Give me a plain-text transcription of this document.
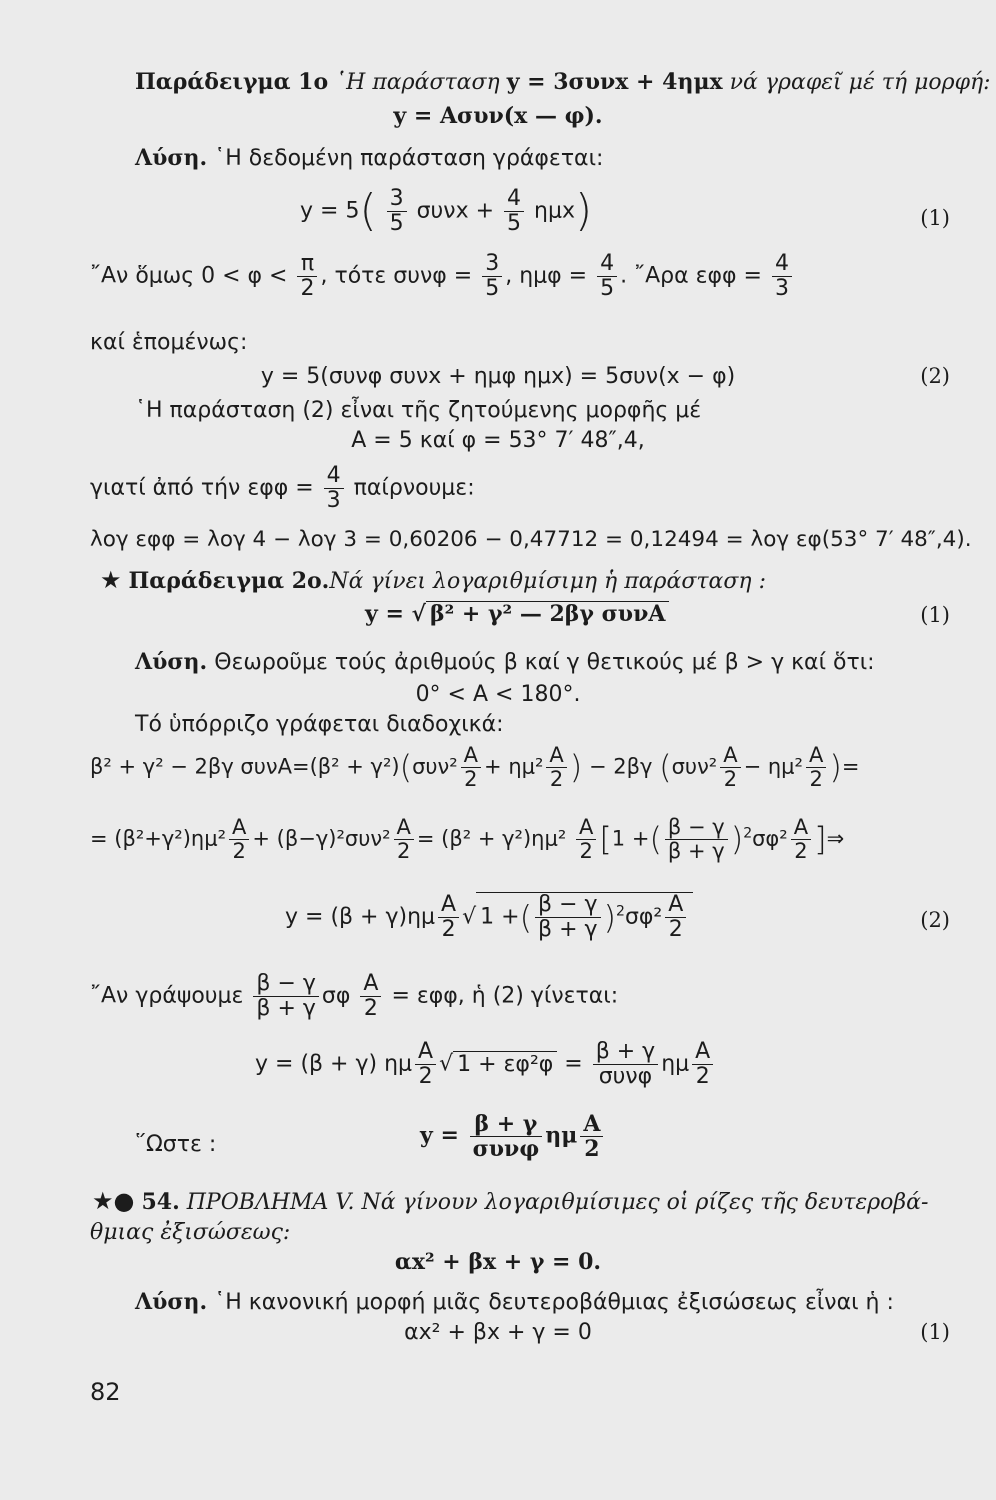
Παράδειγμα 1ο ῾Η παράσταση y = 3συνx + 4ημx νά γραφεῖ μέ τή μορφή:
y = Aσυν(x — φ).
Λύση. ῾Η δεδομένη παράσταση γράφεται:
$y = 5( \frac{3}{5}$ $\sigma\upsilon\nu x + \frac{4}{5} \eta\mu x$)	(1)
῎Αν ὅμως $0 < \varphi < \frac{\pi}{2}$ , τότε $\sigma\upsilon\nu\varphi = \frac{3}{5}$ , $\eta\mu\varphi = \frac{4}{5}$ . ῎Αρα $\varepsilon\varphi\varphi = \frac{4}{3}$
καί ἑπομένως:
y = 5(συνφ συνx + ημφ ημx) = 5συν(x − φ)	(2)
῾Η παράσταση (2) εἶναι τῆς ζητούμενης μορφῆς μέ
A = 5 καί φ = 53° 7′ 48″,4,
γιατί ἀπό τήν $\varepsilon\varphi\varphi = \frac{4}{3} \pi\alpha ί\rho\nu o\upsilon\mu\varepsilon$:
λογ εφφ = λογ 4 − λογ 3 = 0,60206 − 0,47712 = 0,12494 = λογ εφ(53° 7′ 48″,4).
★ Παράδειγμα 2ο.Νά γίνει λογαριθμίσιμη ἡ παράσταση :
y = √ β² + γ² — 2βγ συνA	(1)
Λύση. Θεωροῦμε τούς ἀριθμούς β καί γ θετικούς μέ β > γ καί ὅτι:
0° < A < 180°.
Τό ὑπόρριζο γράφεται διαδοχικά:
β² + γ² − 2βγ $\sigma\upsilon\nu A=(\beta^2 + \gamma^2)(\sigma\upsilon\nu^2 \frac{A}{2} + \eta\mu^2 \frac{A}{2}$ ) − 2βγ ($\sigma\upsilon\nu^2 \frac{A}{2} - \eta\mu^2 \frac{A}{2}$ )=
= $(\beta^2+\gamma^2)\eta\mu^2 \frac{A}{2} + (\beta-\gamma)^2\sigma\upsilon\nu^2 \frac{A}{2} = (\beta^2 + \gamma^2)\eta\mu^2 \frac{A}{2} [1$ +( $\frac{\beta - \gamma}{\beta + \gamma} )^2\sigma\varphi^2 \frac{A}{2}$ ]⇒
$y = (\beta + \gamma)\eta\mu \frac{A}{2}$ √ 1 +( $\frac{\beta - \gamma}{\beta + \gamma} )^2\sigma\varphi^2 \frac{A}{2}$	(2)
῎Αν γράψουμε $\frac{\beta - \gamma}{\beta + \gamma}$ σφ $\frac{A}{2} = \varepsilon\varphi\varphi$, ἡ (2) γίνεται:
y = (β + γ) ημ $\frac{A}{2}$ √ $1 + \varepsilon\varphi^2\varphi = \frac{\beta + \gamma}{\text{συνφ}}$ ημ $\frac{A}{2}$
῞Ωστε :	$y = \frac{\beta + \gamma}{\text{συνφ}}$ ημ $\frac{A}{2}$
★● 54. ΠΡΟΒΛΗΜΑ V. Νά γίνουν λογαριθμίσιμες οἱ ρίζες τῆς δευτεροβά-
θμιας ἐξισώσεως:
αx² + βx + γ = 0.
Λύση. ῾Η κανονική μορφή μιᾶς δευτεροβάθμιας ἐξισώσεως εἶναι ἡ :
αx² + βx + γ = 0	(1)
82
